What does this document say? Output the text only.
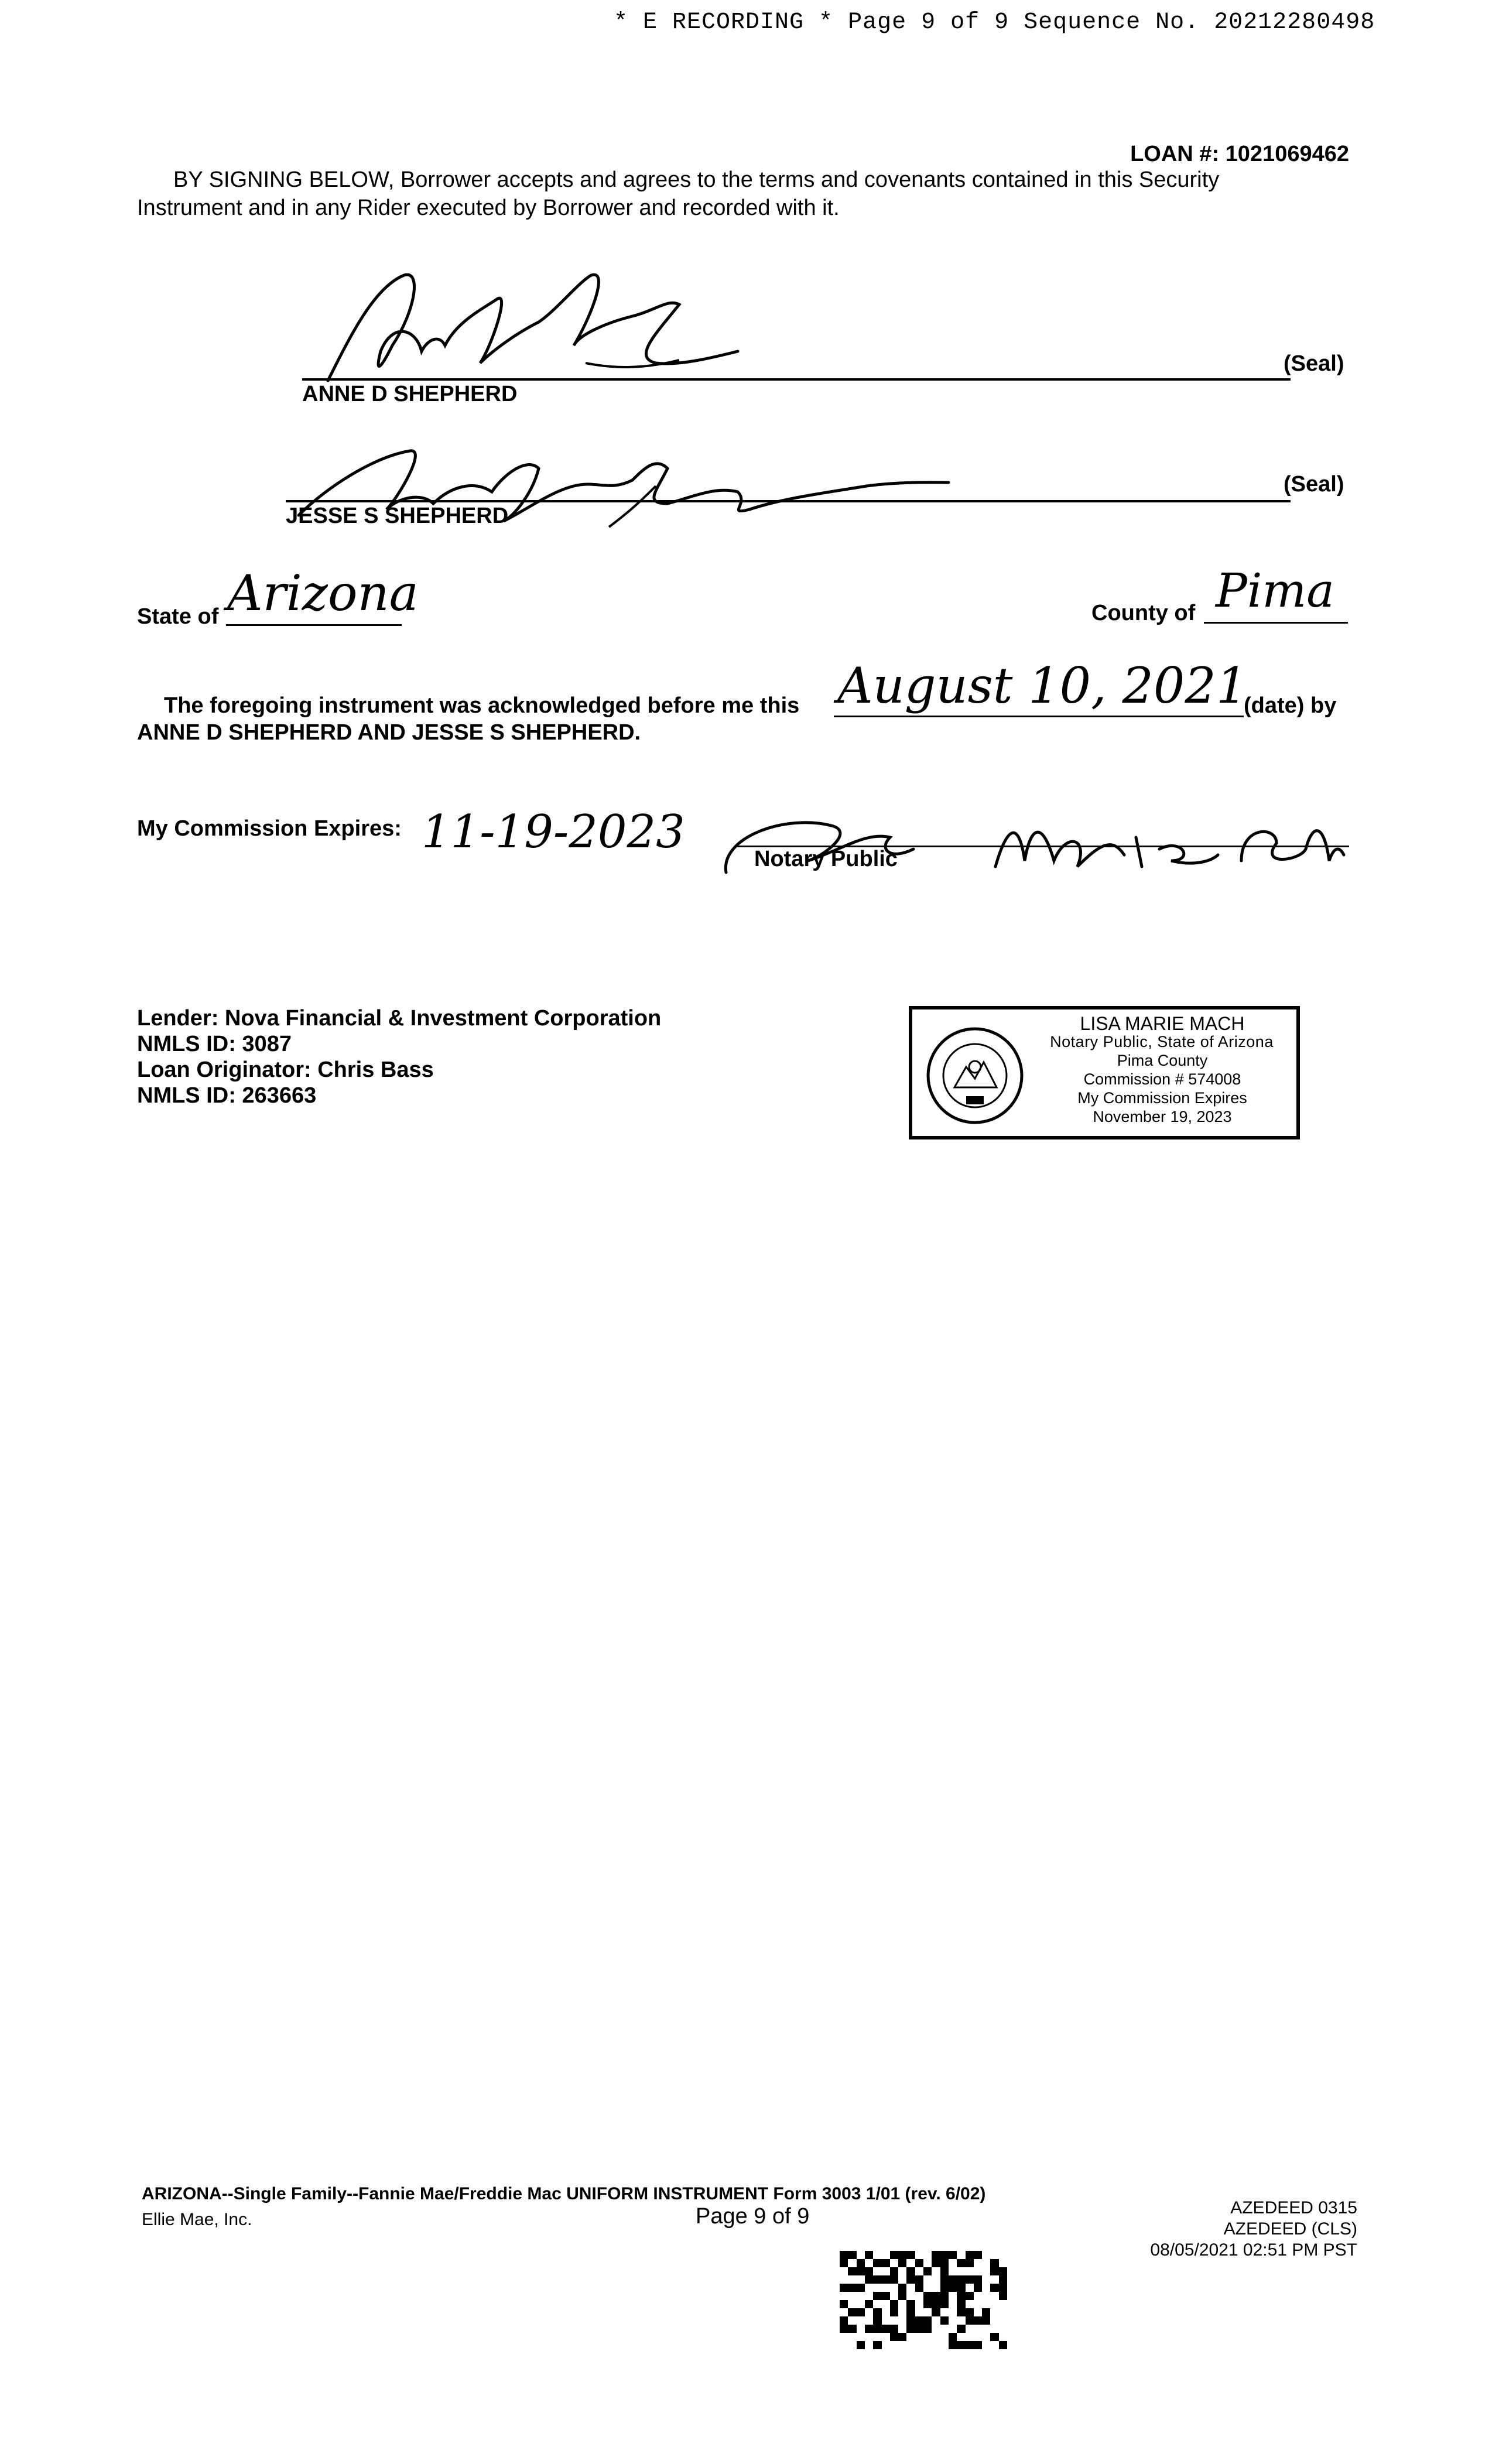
* E RECORDING * Page 9 of 9 Sequence No. 20212280498
LOAN #: 1021069462
BY SIGNING BELOW, Borrower accepts and agrees to the terms and covenants contained in this Security
Instrument and in any Rider executed by Borrower and recorded with it.
(Seal)
ANNE D SHEPHERD
(Seal)
JESSE S SHEPHERD
State of Arizona	County of Pima
The foregoing instrument was acknowledged before me this August 10, 2021
(date) by
ANNE D SHEPHERD AND JESSE S SHEPHERD.
My Commission Expires: 11-19-2023
Notary Public
Lender: Nova Financial & Investment Corporation
NMLS ID: 3087
Loan Originator: Chris Bass
NMLS ID: 263663
LISA MARIE MACH
Notary Public, State of Arizona
Pima County
Commission # 574008
My Commission Expires
November 19, 2023
ARIZONA--Single Family--Fannie Mae/Freddie Mac UNIFORM INSTRUMENT Form 3003 1/01 (rev. 6/02)
Ellie Mae, Inc.	Page 9 of 9	AZEDEED 0315
AZEDEED (CLS)
08/05/2021 02:51 PM PST
